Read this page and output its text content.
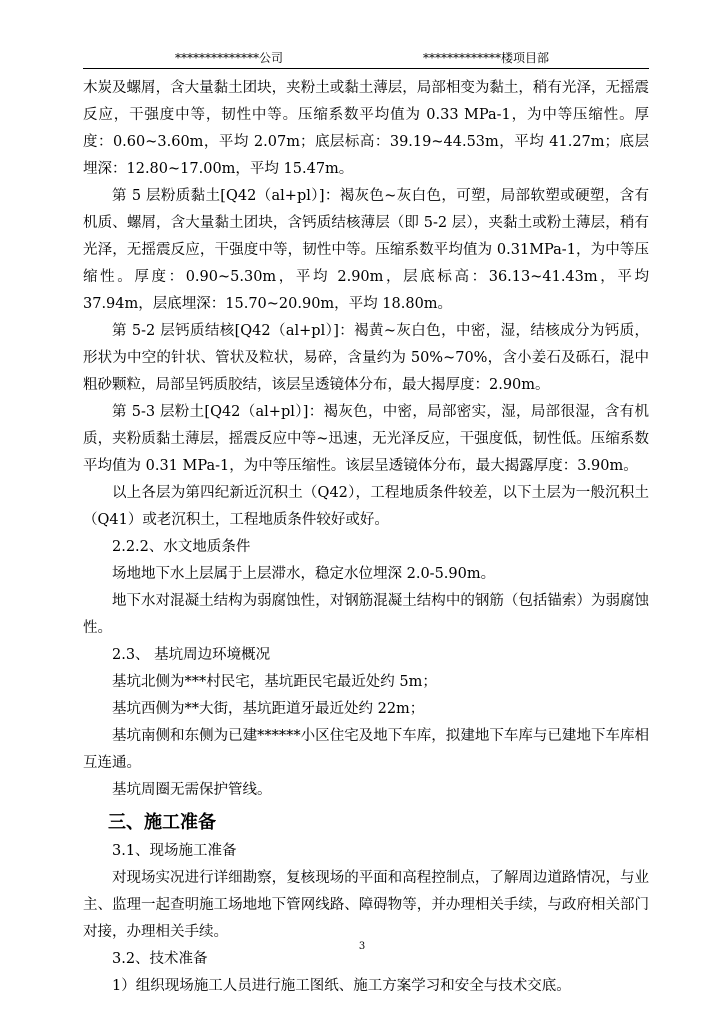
**************公司	*************楼项目部

木炭及螺屑，含大量黏土团块，夹粉土或黏土薄层，局部相变为黏土，稍有光泽，无摇震反应，干强度中等，韧性中等。压缩系数平均值为 0.33 MPa-1，为中等压缩性。厚度：0.60~3.60m，平均 2.07m；底层标高：39.19~44.53m，平均 41.27m；底层埋深：12.80~17.00m，平均 15.47m。

第 5 层粉质黏土[Q42（al+pl）]：褐灰色~灰白色，可塑，局部软塑或硬塑，含有机质、螺屑，含大量黏土团块，含钙质结核薄层（即 5-2 层），夹黏土或粉土薄层，稍有光泽，无摇震反应，干强度中等，韧性中等。压缩系数平均值为 0.31MPa-1，为中等压缩性。厚度：0.90~5.30m，平均 2.90m，层底标高：36.13~41.43m，平均 37.94m，层底埋深：15.70~20.90m，平均 18.80m。

第 5-2 层钙质结核[Q42（al+pl）]：褐黄~灰白色，中密，湿，结核成分为钙质，形状为中空的针状、管状及粒状，易碎，含量约为 50%~70%，含小姜石及砾石，混中粗砂颗粒，局部呈钙质胶结，该层呈透镜体分布，最大揭厚度：2.90m。

第 5-3 层粉土[Q42（al+pl）]：褐灰色，中密，局部密实，湿，局部很湿，含有机质，夹粉质黏土薄层，摇震反应中等~迅速，无光泽反应，干强度低，韧性低。压缩系数平均值为 0.31 MPa-1，为中等压缩性。该层呈透镜体分布，最大揭露厚度：3.90m。

以上各层为第四纪新近沉积土（Q42），工程地质条件较差，以下土层为一般沉积土（Q41）或老沉积土，工程地质条件较好或好。

2.2.2、水文地质条件

场地地下水上层属于上层滞水，稳定水位埋深 2.0-5.90m。

地下水对混凝土结构为弱腐蚀性，对钢筋混凝土结构中的钢筋（包括锚索）为弱腐蚀性。

2.3、 基坑周边环境概况

基坑北侧为***村民宅，基坑距民宅最近处约 5m；

基坑西侧为**大街，基坑距道牙最近处约 22m；

基坑南侧和东侧为已建******小区住宅及地下车库，拟建地下车库与已建地下车库相互连通。

基坑周圈无需保护管线。

三、施工准备

3.1、现场施工准备

对现场实况进行详细勘察，复核现场的平面和高程控制点，了解周边道路情况，与业主、监理一起查明施工场地地下管网线路、障碍物等，并办理相关手续，与政府相关部门对接，办理相关手续。

3.2、技术准备

1）组织现场施工人员进行施工图纸、施工方案学习和安全与技术交底。

3
